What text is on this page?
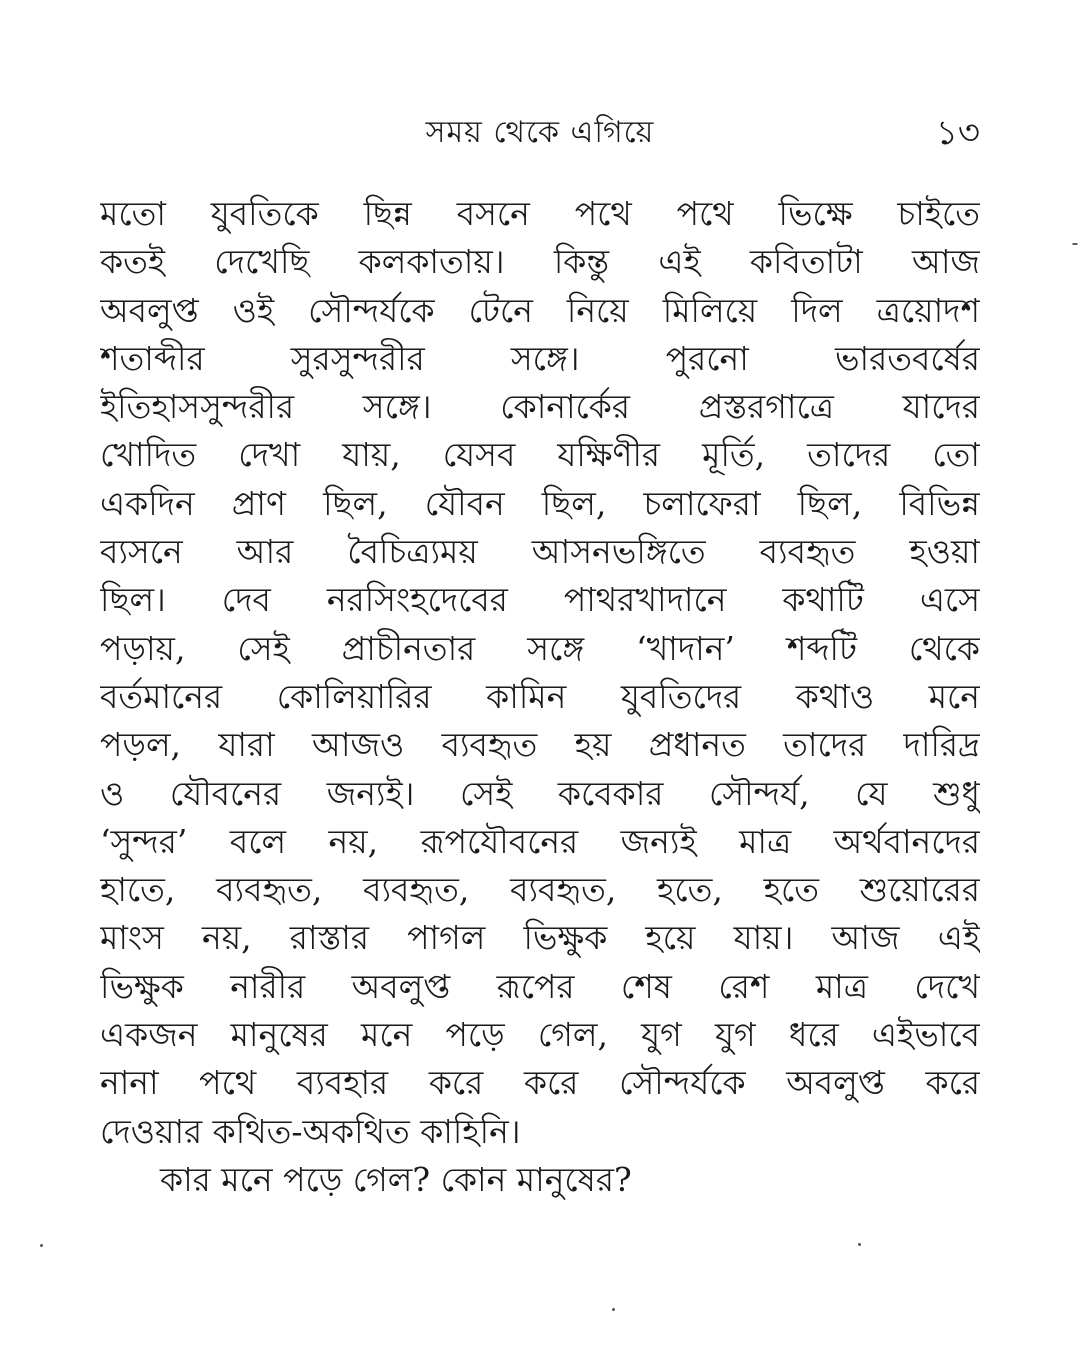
সময় থেকে এগিয়ে	১৩
মতো যুবতিকে ছিন্ন বসনে পথে পথে ভিক্ষে চাইতে
কতই দেখেছি কলকাতায়। কিন্তু এই কবিতাটা আজ
অবলুপ্ত ওই সৌন্দর্যকে টেনে নিয়ে মিলিয়ে দিল ত্রয়োদশ
শতাব্দীর সুরসুন্দরীর সঙ্গে। পুরনো ভারতবর্ষের
ইতিহাসসুন্দরীর সঙ্গে। কোনার্কের প্রস্তরগাত্রে যাদের
খোদিত দেখা যায়, যেসব যক্ষিণীর মূর্তি, তাদের তো
একদিন প্রাণ ছিল, যৌবন ছিল, চলাফেরা ছিল, বিভিন্ন
ব্যসনে আর বৈচিত্র্যময় আসনভঙ্গিতে ব্যবহৃত হওয়া
ছিল। দেব নরসিংহদেবের পাথরখাদানে কথাটি এসে
পড়ায়, সেই প্রাচীনতার সঙ্গে ‘খাদান’ শব্দটি থেকে
বর্তমানের কোলিয়ারির কামিন যুবতিদের কথাও মনে
পড়ল, যারা আজও ব্যবহৃত হয় প্রধানত তাদের দারিদ্র
ও যৌবনের জন্যই। সেই কবেকার সৌন্দর্য, যে শুধু
‘সুন্দর’ বলে নয়, রূপযৌবনের জন্যই মাত্র অর্থবানদের
হাতে, ব্যবহৃত, ব্যবহৃত, ব্যবহৃত, হতে, হতে শুয়োরের
মাংস নয়, রাস্তার পাগল ভিক্ষুক হয়ে যায়। আজ এই
ভিক্ষুক নারীর অবলুপ্ত রূপের শেষ রেশ মাত্র দেখে
একজন মানুষের মনে পড়ে গেল, যুগ যুগ ধরে এইভাবে
নানা পথে ব্যবহার করে করে সৌন্দর্যকে অবলুপ্ত করে
দেওয়ার কথিত-অকথিত কাহিনি।
কার মনে পড়ে গেল? কোন মানুষের?
